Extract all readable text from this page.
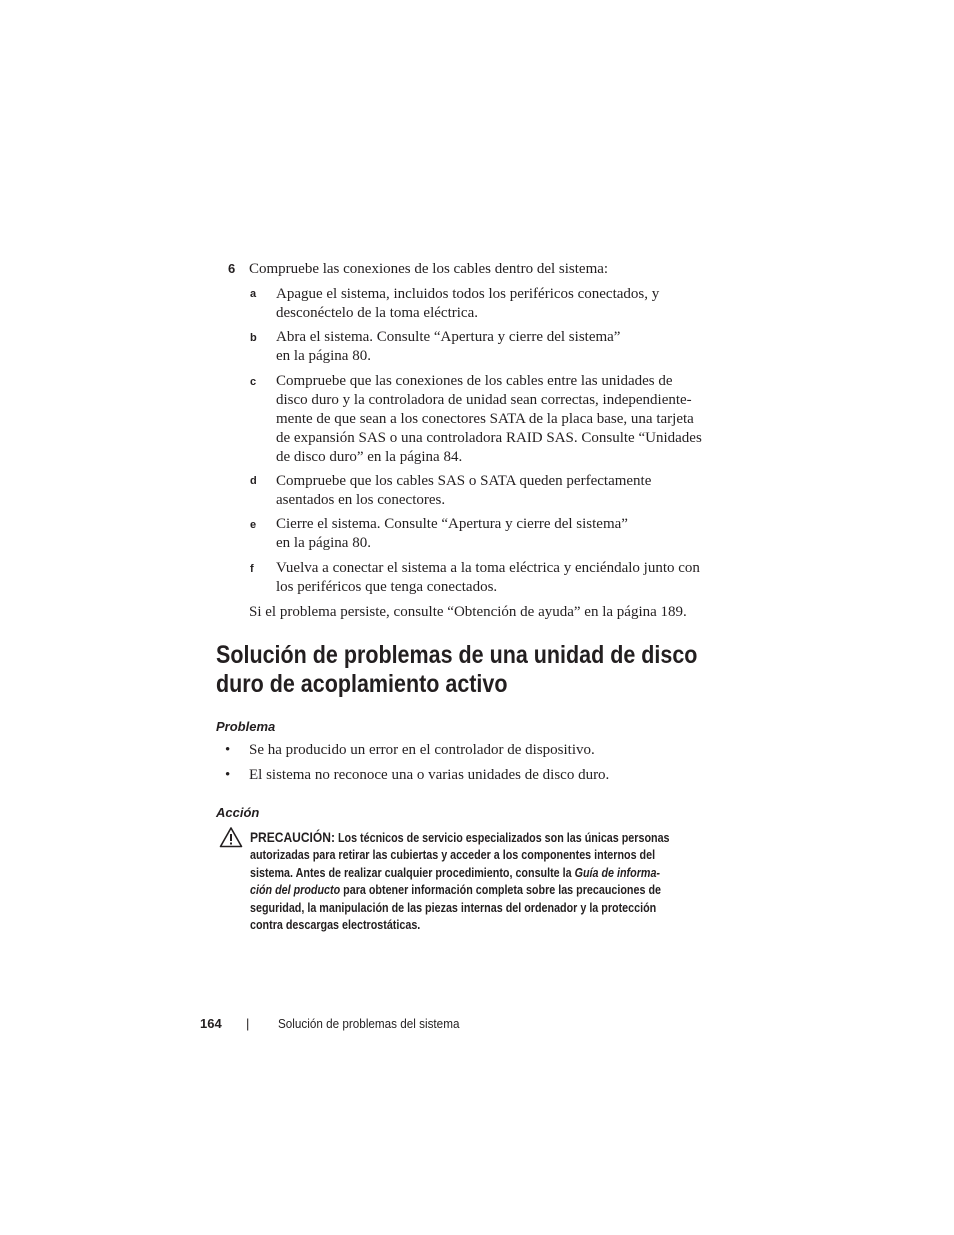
6 Compruebe las conexiones de los cables dentro del sistema:
a Apague el sistema, incluidos todos los periféricos conectados, y
desconéctelo de la toma eléctrica.
b Abra el sistema. Consulte “Apertura y cierre del sistema”
en la página 80.
c Compruebe que las conexiones de los cables entre las unidades de
disco duro y la controladora de unidad sean correctas, independiente-
mente de que sean a los conectores SATA de la placa base, una tarjeta
de expansión SAS o una controladora RAID SAS. Consulte “Unidades
de disco duro” en la página 84.
d Compruebe que los cables SAS o SATA queden perfectamente
asentados en los conectores.
e Cierre el sistema. Consulte “Apertura y cierre del sistema”
en la página 80.
f Vuelva a conectar el sistema a la toma eléctrica y enciéndalo junto con
los periféricos que tenga conectados.
Si el problema persiste, consulte “Obtención de ayuda” en la página 189.
Solución de problemas de una unidad de disco
duro de acoplamiento activo
Problema
• Se ha producido un error en el controlador de dispositivo.
• El sistema no reconoce una o varias unidades de disco duro.
Acción
PRECAUCIÓN: Los técnicos de servicio especializados son las únicas personas
autorizadas para retirar las cubiertas y acceder a los componentes internos del
sistema. Antes de realizar cualquier procedimiento, consulte la Guía de informa-
ción del producto para obtener información completa sobre las precauciones de
seguridad, la manipulación de las piezas internas del ordenador y la protección
contra descargas electrostáticas.
164 | Solución de problemas del sistema
